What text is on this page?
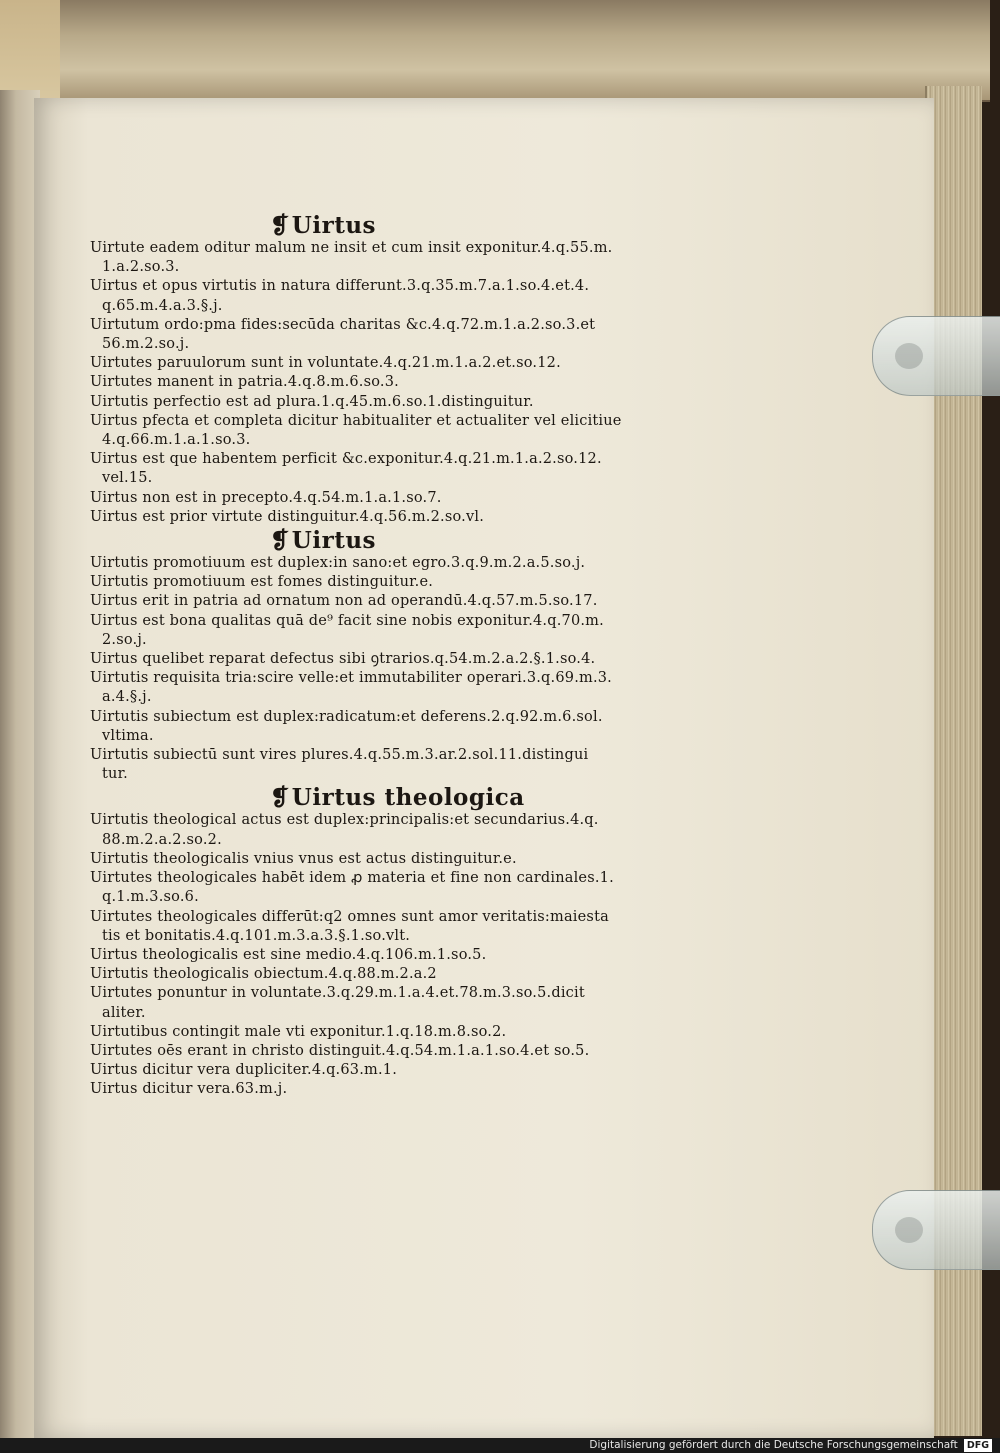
❡Uirtus
Uirtute eadem oditur malum ne insit et cum insit exponitur.4.q.55.m.
1.a.2.so.3.
Uirtus et opus virtutis in natura differunt.3.q.35.m.7.a.1.so.4.et.4.
q.65.m.4.a.3.§.j.
Uirtutum ordo:pma fides:secūda charitas &c.4.q.72.m.1.a.2.so.3.et
56.m.2.so.j.
Uirtutes paruulorum sunt in voluntate.4.q.21.m.1.a.2.et.so.12.
Uirtutes manent in patria.4.q.8.m.6.so.3.
Uirtutis perfectio est ad plura.1.q.45.m.6.so.1.distinguitur.
Uirtus pfecta et completa dicitur habitualiter et actualiter vel elicitiue
4.q.66.m.1.a.1.so.3.
Uirtus est que habentem perficit &c.exponitur.4.q.21.m.1.a.2.so.12.
vel.15.
Uirtus non est in precepto.4.q.54.m.1.a.1.so.7.
Uirtus est prior virtute distinguitur.4.q.56.m.2.so.vl.
❡Uirtus
Uirtutis promotiuum est duplex:in sano:et egro.3.q.9.m.2.a.5.so.j.
Uirtutis promotiuum est fomes distinguitur.e.
Uirtus erit in patria ad ornatum non ad operandū.4.q.57.m.5.so.17.
Uirtus est bona qualitas quā de⁹ facit sine nobis exponitur.4.q.70.m.
2.so.j.
Uirtus quelibet reparat defectus sibi ꝯtrarios.q.54.m.2.a.2.§.1.so.4.
Uirtutis requisita tria:scire velle:et immutabiliter operari.3.q.69.m.3.
a.4.§.j.
Uirtutis subiectum est duplex:radicatum:et deferens.2.q.92.m.6.sol.
vltima.
Uirtutis subiectū sunt vires plures.4.q.55.m.3.ar.2.sol.11.distingui
tur.
❡Uirtus theologica
Uirtutis theological actus est duplex:principalis:et secundarius.4.q.
88.m.2.a.2.so.2.
Uirtutis theologicalis vnius vnus est actus distinguitur.e.
Uirtutes theologicales habēt idem ꝓ materia et fine non cardinales.1.
q.1.m.3.so.6.
Uirtutes theologicales differūt:q2 omnes sunt amor veritatis:maiesta
tis et bonitatis.4.q.101.m.3.a.3.§.1.so.vlt.
Uirtus theologicalis est sine medio.4.q.106.m.1.so.5.
Uirtutis theologicalis obiectum.4.q.88.m.2.a.2
Uirtutes ponuntur in voluntate.3.q.29.m.1.a.4.et.78.m.3.so.5.dicit
aliter.
Uirtutibus contingit male vti exponitur.1.q.18.m.8.so.2.
Uirtutes oēs erant in christo distinguit.4.q.54.m.1.a.1.so.4.et so.5.
Uirtus dicitur vera dupliciter.4.q.63.m.1.
Uirtus dicitur vera.63.m.j.
Digitalisierung gefördert durch die Deutsche Forschungsgemeinschaft DFG
